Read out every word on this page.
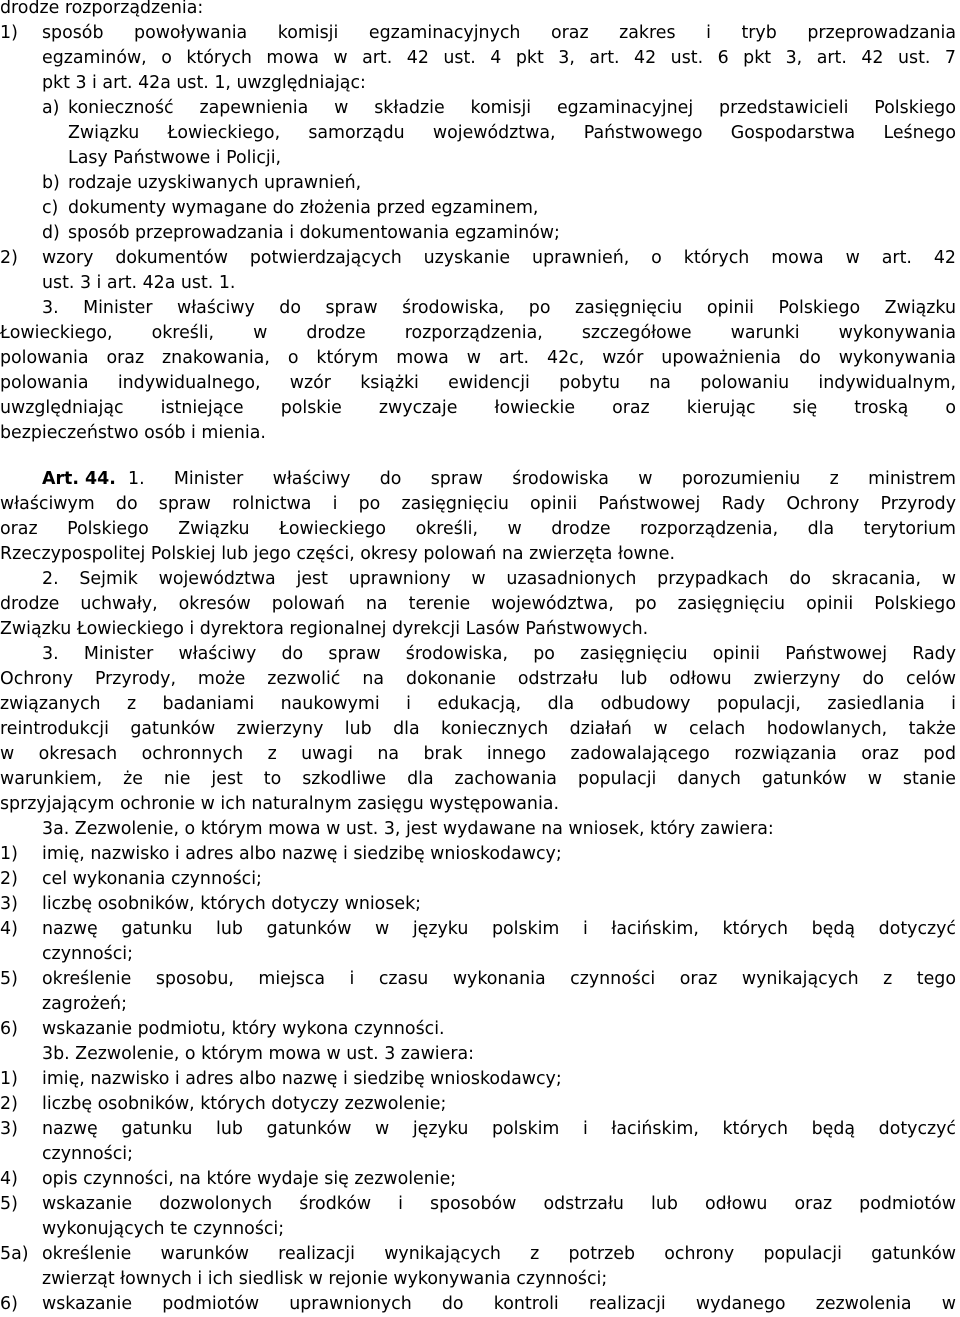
drodze rozporządzenia:
1)	sposób powoływania komisji egzaminacyjnych oraz zakres i tryb przeprowadzania
egzaminów, o których mowa w art. 42 ust. 4 pkt 3, art. 42 ust. 6 pkt 3, art. 42 ust. 7
pkt 3 i art. 42a ust. 1, uwzględniając:
a) konieczność zapewnienia w składzie komisji egzaminacyjnej przedstawicieli Polskiego
Związku Łowieckiego, samorządu województwa, Państwowego Gospodarstwa Leśnego
Lasy Państwowe i Policji,
b) rodzaje uzyskiwanych uprawnień,
c) dokumenty wymagane do złożenia przed egzaminem,
d) sposób przeprowadzania i dokumentowania egzaminów;
2)	wzory dokumentów potwierdzających uzyskanie uprawnień, o których mowa w art. 42
ust. 3 i art. 42a ust. 1.
3. Minister właściwy do spraw środowiska, po zasięgnięciu opinii Polskiego Związku
Łowieckiego, określi, w drodze rozporządzenia, szczegółowe warunki wykonywania
polowania oraz znakowania, o którym mowa w art. 42c, wzór upoważnienia do wykonywania
polowania indywidualnego, wzór książki ewidencji pobytu na polowaniu indywidualnym,
uwzględniając istniejące polskie zwyczaje łowieckie oraz kierując się troską o
bezpieczeństwo osób i mienia.
Art. 44. 1. Minister właściwy do spraw środowiska w porozumieniu z ministrem
właściwym do spraw rolnictwa i po zasięgnięciu opinii Państwowej Rady Ochrony Przyrody
oraz Polskiego Związku Łowieckiego określi, w drodze rozporządzenia, dla terytorium
Rzeczypospolitej Polskiej lub jego części, okresy polowań na zwierzęta łowne.
2. Sejmik województwa jest uprawniony w uzasadnionych przypadkach do skracania, w
drodze uchwały, okresów polowań na terenie województwa, po zasięgnięciu opinii Polskiego
Związku Łowieckiego i dyrektora regionalnej dyrekcji Lasów Państwowych.
3. Minister właściwy do spraw środowiska, po zasięgnięciu opinii Państwowej Rady
Ochrony Przyrody, może zezwolić na dokonanie odstrzału lub odłowu zwierzyny do celów
związanych z badaniami naukowymi i edukacją, dla odbudowy populacji, zasiedlania i
reintrodukcji gatunków zwierzyny lub dla koniecznych działań w celach hodowlanych, także
w okresach ochronnych z uwagi na brak innego zadowalającego rozwiązania oraz pod
warunkiem, że nie jest to szkodliwe dla zachowania populacji danych gatunków w stanie
sprzyjającym ochronie w ich naturalnym zasięgu występowania.
3a. Zezwolenie, o którym mowa w ust. 3, jest wydawane na wniosek, który zawiera:
1)	imię, nazwisko i adres albo nazwę i siedzibę wnioskodawcy;
2)	cel wykonania czynności;
3)	liczbę osobników, których dotyczy wniosek;
4)	nazwę gatunku lub gatunków w języku polskim i łacińskim, których będą dotyczyć
czynności;
5)	określenie sposobu, miejsca i czasu wykonania czynności oraz wynikających z tego
zagrożeń;
6)	wskazanie podmiotu, który wykona czynności.
3b. Zezwolenie, o którym mowa w ust. 3 zawiera:
1)	imię, nazwisko i adres albo nazwę i siedzibę wnioskodawcy;
2)	liczbę osobników, których dotyczy zezwolenie;
3)	nazwę gatunku lub gatunków w języku polskim i łacińskim, których będą dotyczyć
czynności;
4)	opis czynności, na które wydaje się zezwolenie;
5)	wskazanie dozwolonych środków i sposobów odstrzału lub odłowu oraz podmiotów
wykonujących te czynności;
5a) określenie warunków realizacji wynikających z potrzeb ochrony populacji gatunków
zwierząt łownych i ich siedlisk w rejonie wykonywania czynności;
6)	wskazanie podmiotów uprawnionych do kontroli realizacji wydanego zezwolenia w
